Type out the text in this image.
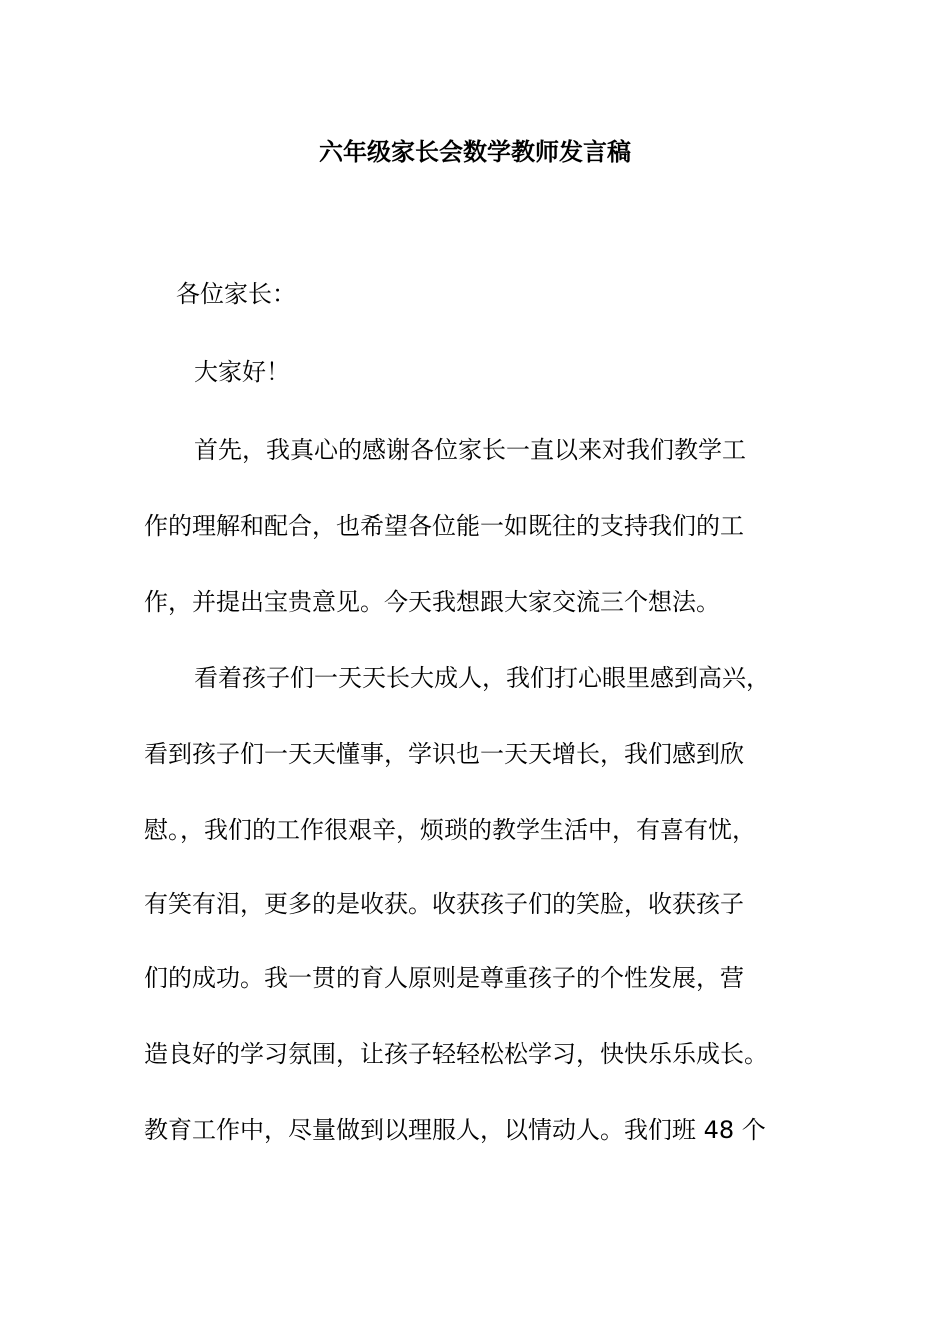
六年级家长会数学教师发言稿
各位家长：
大家好！
首先，我真心的感谢各位家长一直以来对我们教学工
作的理解和配合，也希望各位能一如既往的支持我们的工
作，并提出宝贵意见。今天我想跟大家交流三个想法。
看着孩子们一天天长大成人，我们打心眼里感到高兴，
看到孩子们一天天懂事，学识也一天天增长，我们感到欣
慰。，我们的工作很艰辛，烦琐的教学生活中，有喜有忧，
有笑有泪，更多的是收获。收获孩子们的笑脸，收获孩子
们的成功。我一贯的育人原则是尊重孩子的个性发展，营
造良好的学习氛围，让孩子轻轻松松学习，快快乐乐成长。
教育工作中，尽量做到以理服人，以情动人。我们班 48 个
